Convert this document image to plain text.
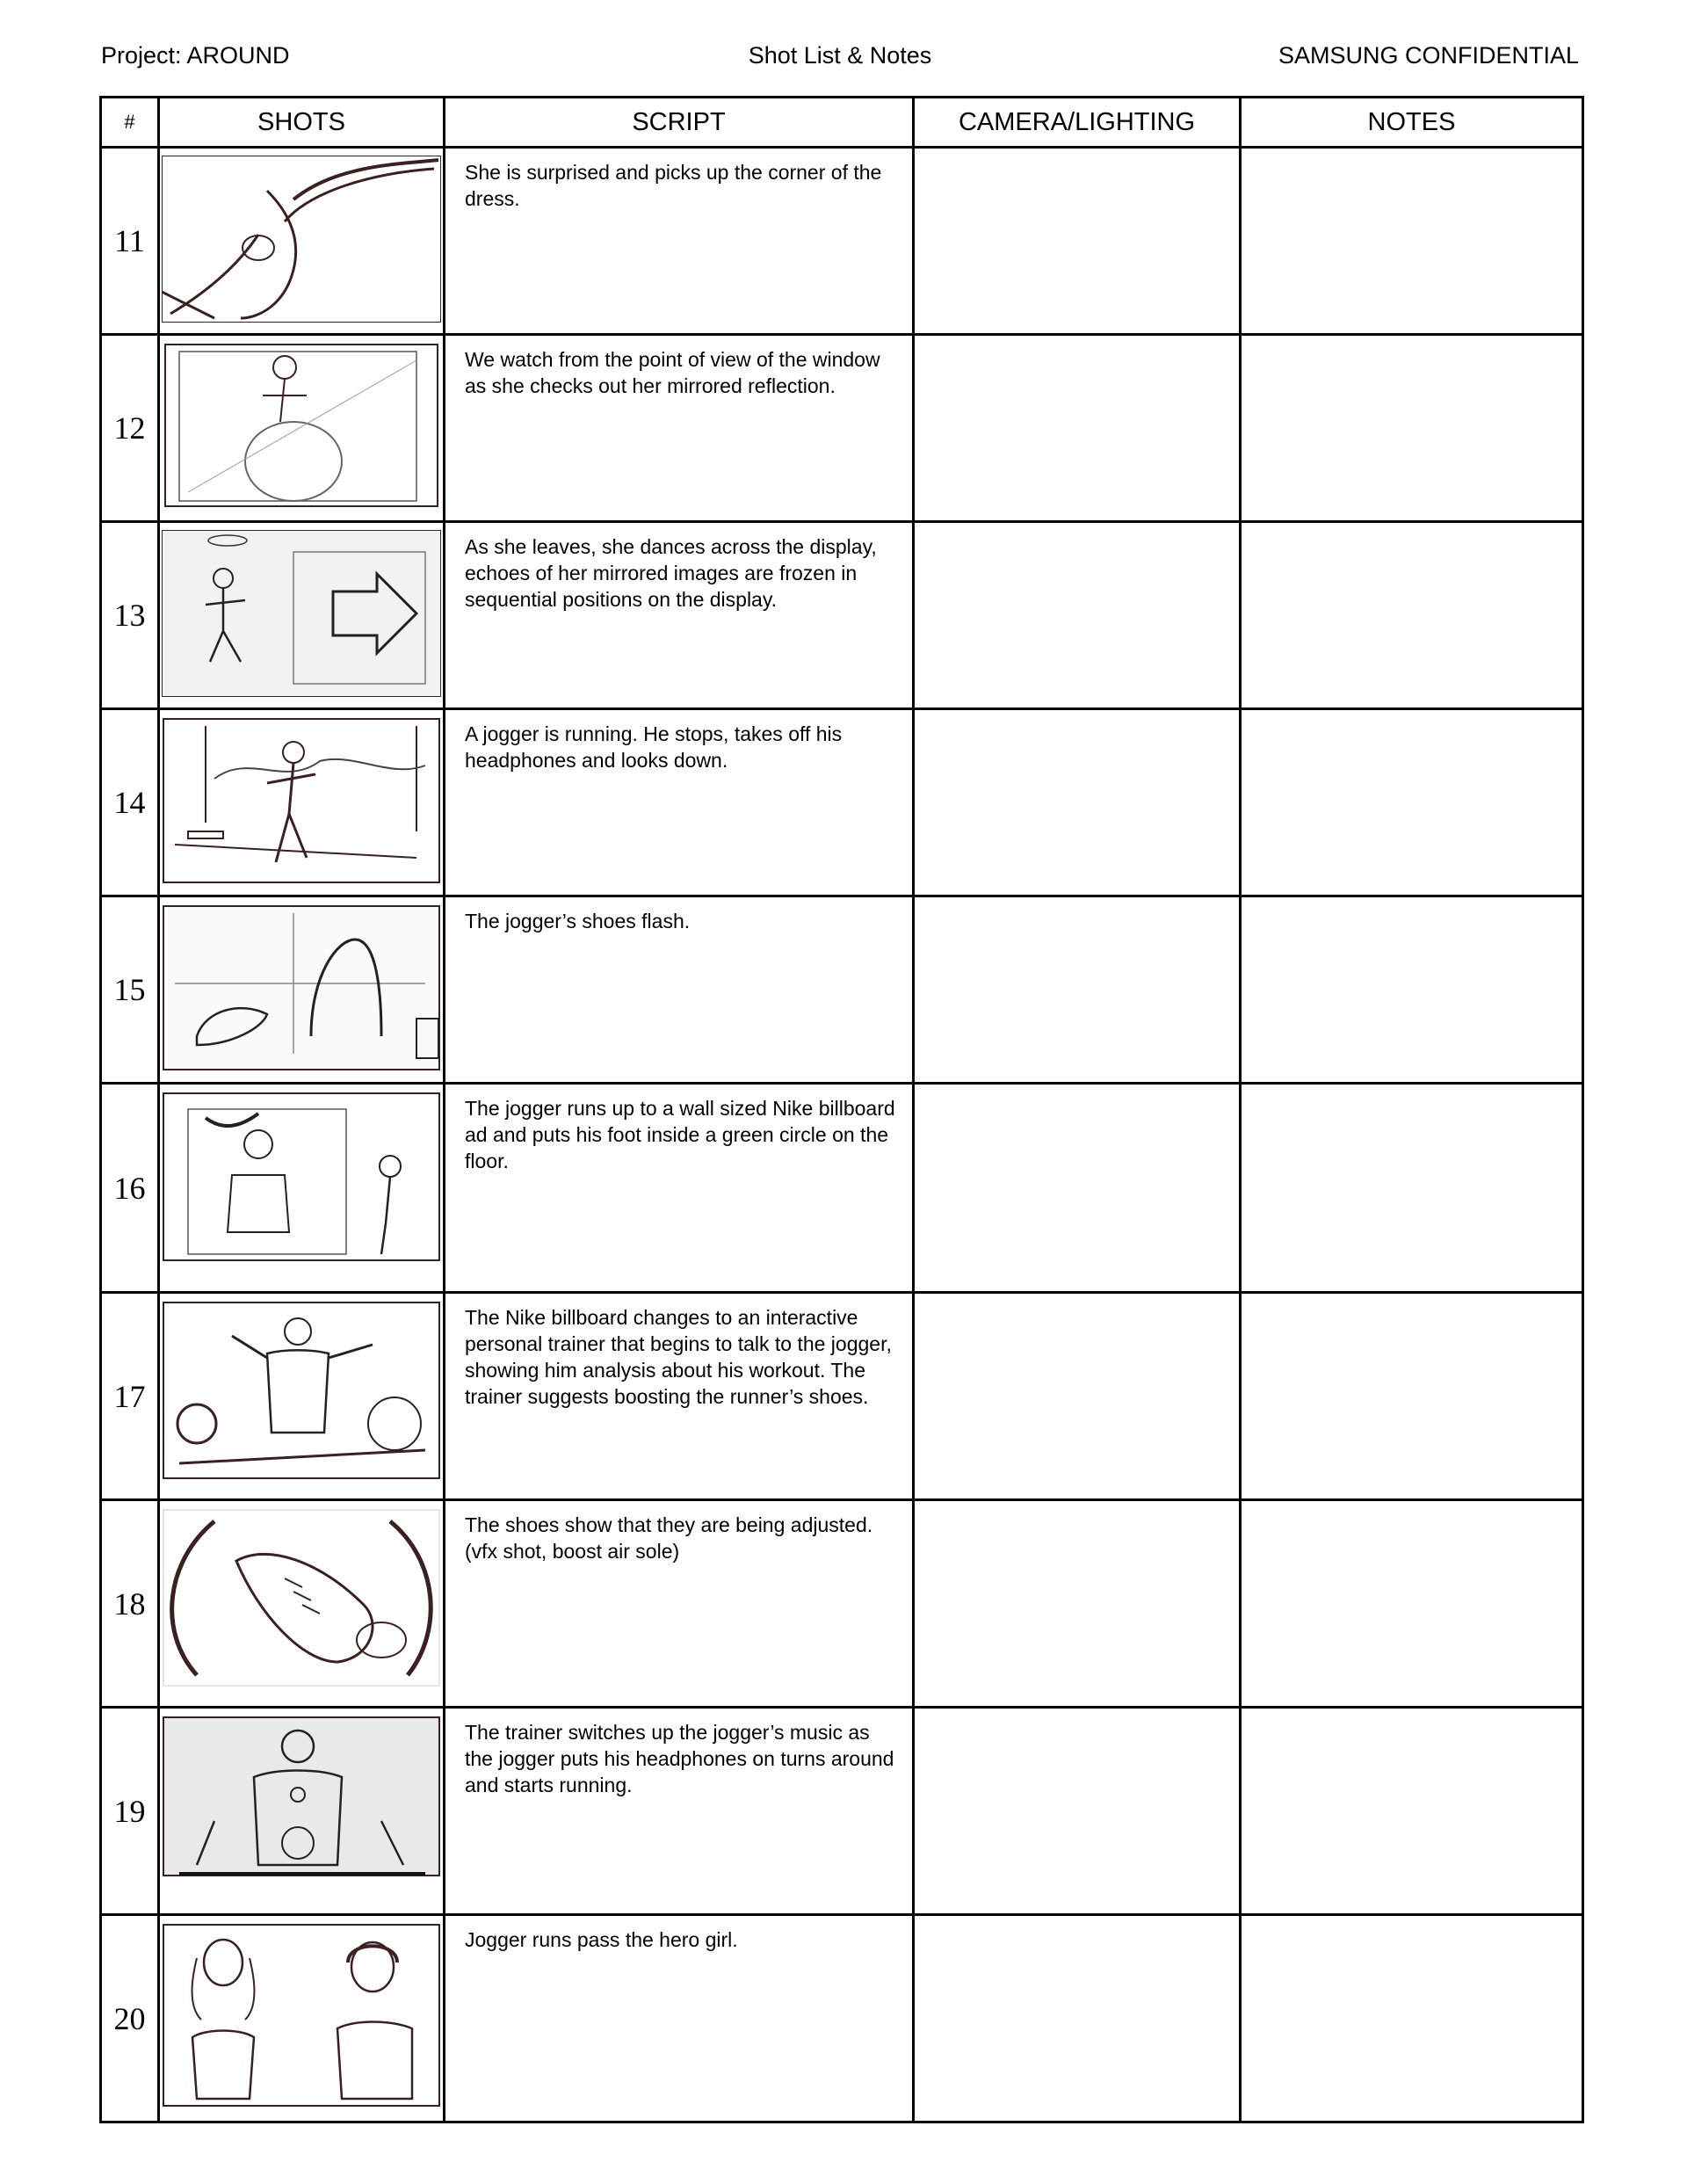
Project: AROUND	Shot List & Notes	SAMSUNG CONFIDENTIAL
#	SHOTS	SCRIPT	CAMERA/LIGHTING	NOTES
11		She is surprised and picks up the corner of the dress.		
12		We watch from the point of view of the window as she checks out her mirrored reflection.		
13		As she leaves, she dances across the display, echoes of her mirrored images are frozen in sequential positions on the display.		
14		A jogger is running. He stops, takes off his headphones and looks down.		
15		The jogger’s shoes flash.		
16		The jogger runs up to a wall sized Nike billboard ad and puts his foot inside a green circle on the floor.		
17		The Nike billboard changes to an interactive personal trainer that begins to talk to the jogger, showing him analysis about his workout. The trainer suggests boosting the runner’s shoes.		
18		The shoes show that they are being adjusted.(vfx shot, boost air sole)		
19		The trainer switches up the jogger’s music as the jogger puts his headphones on turns around and starts running.		
20		Jogger runs pass the hero girl.		
